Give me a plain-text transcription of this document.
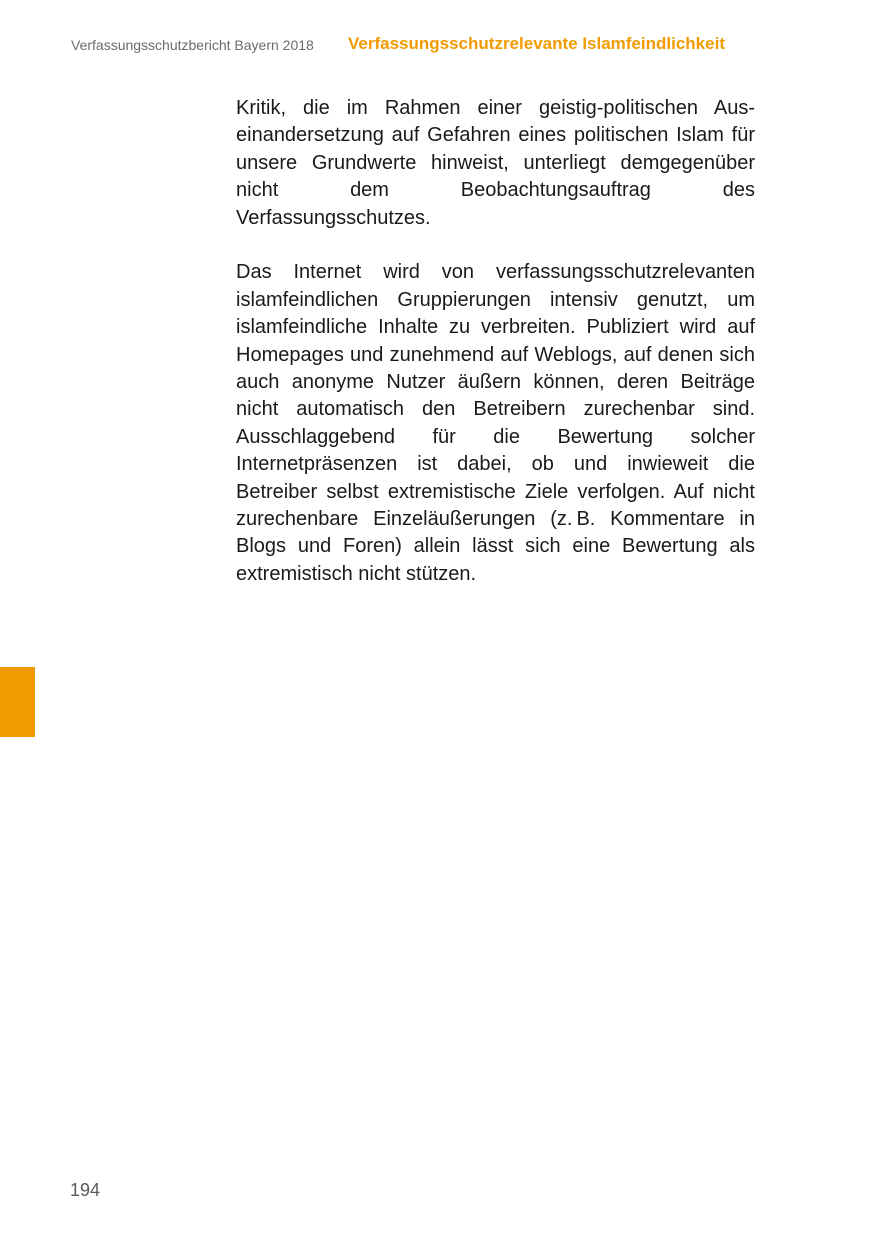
Verfassungsschutzbericht Bayern 2018 Verfassungsschutzrelevante Islamfeindlichkeit

Kritik, die im Rahmen einer geistig-politischen Auseinandersetzung auf Gefahren eines politischen Islam für unsere Grundwerte hinweist, unterliegt demgegenüber nicht dem Beobachtungsauftrag des Verfassungsschutzes.

Das Internet wird von verfassungsschutzrelevanten islamfeindlichen Gruppierungen intensiv genutzt, um islamfeindliche Inhalte zu verbreiten. Publiziert wird auf Homepages und zunehmend auf Weblogs, auf denen sich auch anonyme Nutzer äußern können, deren Beiträge nicht automatisch den Betreibern zurechenbar sind. Ausschlaggebend für die Bewertung solcher Internetpräsenzen ist dabei, ob und inwieweit die Betreiber selbst extremistische Ziele verfolgen. Auf nicht zurechenbare Einzeläußerungen (z. B. Kommentare in Blogs und Foren) allein lässt sich eine Bewertung als extremistisch nicht stützen.

194
